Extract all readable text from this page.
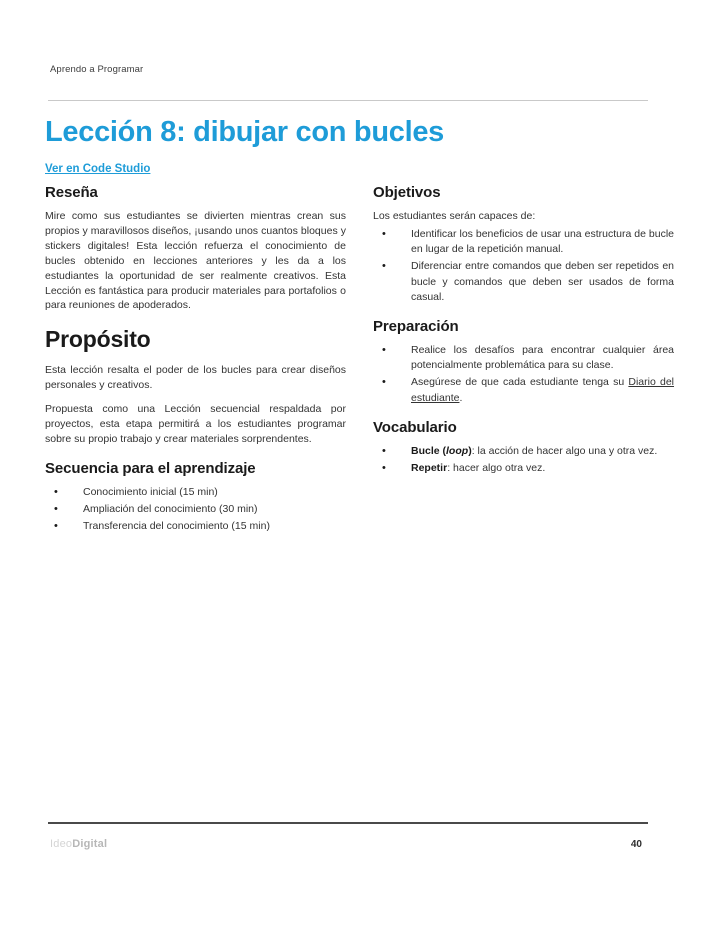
Aprendo a Programar
Lección 8: dibujar con bucles
Ver en Code Studio
Reseña

Mire como sus estudiantes se divierten mientras crean sus propios y maravillosos diseños, ¡usando unos cuantos bloques y stickers digitales! Esta lección refuerza el conocimiento de bucles obtenido en lecciones anteriores y les da a los estudiantes la oportunidad de ser realmente creativos. Esta Lección es fantástica para producir materiales para portafolios o para reuniones de apoderados.

Propósito

Esta lección resalta el poder de los bucles para crear diseños personales y creativos.

Propuesta como una Lección secuencial respaldada por proyectos, esta etapa permitirá a los estudiantes programar sobre su propio trabajo y crear materiales sorprendentes.

Secuencia para el aprendizaje
• Conocimiento inicial (15 min)
• Ampliación del conocimiento (30 min)
• Transferencia del conocimiento (15 min)
Objetivos

Los estudiantes serán capaces de:

• Identificar los beneficios de usar una estructura de bucle en lugar de la repetición manual.
• Diferenciar entre comandos que deben ser repetidos en bucle y comandos que deben ser usados de forma casual.
Preparación
• Realice los desafíos para encontrar cualquier área potencialmente problemática para su clase.
• Asegúrese de que cada estudiante tenga su Diario del estudiante.
Vocabulario
• Bucle (loop): la acción de hacer algo una y otra vez.
• Repetir: hacer algo otra vez.
IdeoDigital	40
